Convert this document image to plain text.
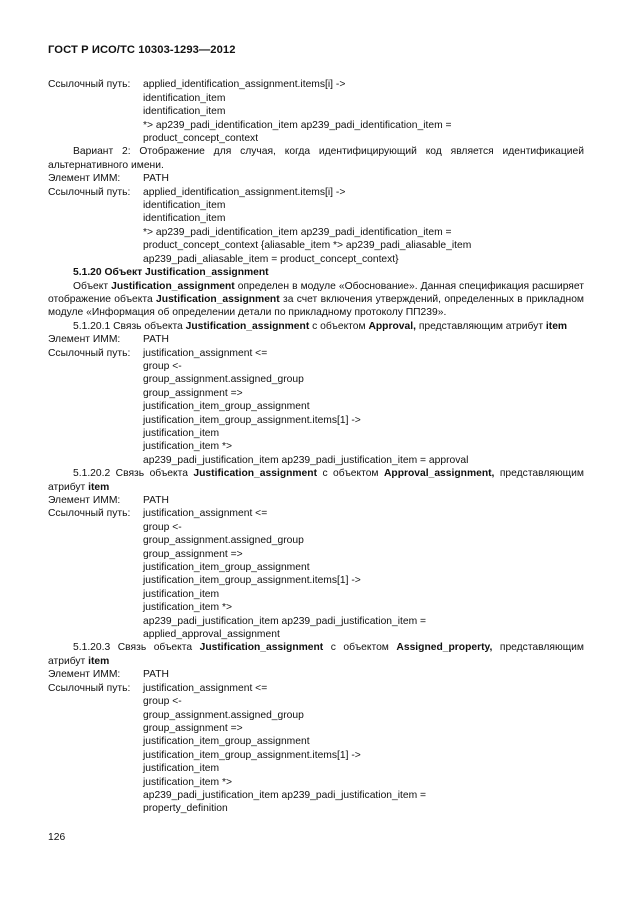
ГОСТ Р ИСО/ТС 10303-1293—2012
Ссылочный путь:	applied_identification_assignment.items[i] ->
identification_item
identification_item
*> ap239_padi_identification_item ap239_padi_identification_item =
product_concept_context
Вариант 2: Отображение для случая, когда идентифицирующий код является идентификацией альтернативного имени.
Элемент ИММ:	PATH
Ссылочный путь:	applied_identification_assignment.items[i] ->
identification_item
identification_item
*> ap239_padi_identification_item ap239_padi_identification_item =
product_concept_context {aliasable_item *> ap239_padi_aliasable_item
ap239_padi_aliasable_item = product_concept_context}
5.1.20 Объект Justification_assignment
Объект Justification_assignment определен в модуле «Обоснование». Данная спецификация расширяет отображение объекта Justification_assignment за счет включения утверждений, определенных в прикладном модуле «Информация об определении детали по прикладному протоколу ПП239».
5.1.20.1 Связь объекта Justification_assignment с объектом Approval, представляющим атрибут item
Элемент ИММ:	PATH
Ссылочный путь:	justification_assignment <=
group <-
group_assignment.assigned_group
group_assignment =>
justification_item_group_assignment
justification_item_group_assignment.items[1] ->
justification_item
justification_item *>
ap239_padi_justification_item ap239_padi_justification_item = approval
5.1.20.2 Связь объекта Justification_assignment с объектом Approval_assignment, представляющим атрибут item
Элемент ИММ:	PATH
Ссылочный путь:	justification_assignment <=
group <-
group_assignment.assigned_group
group_assignment =>
justification_item_group_assignment
justification_item_group_assignment.items[1] ->
justification_item
justification_item *>
ap239_padi_justification_item ap239_padi_justification_item =
applied_approval_assignment
5.1.20.3 Связь объекта Justification_assignment с объектом Assigned_property, представляющим атрибут item
Элемент ИММ:	PATH
Ссылочный путь:	justification_assignment <=
group <-
group_assignment.assigned_group
group_assignment =>
justification_item_group_assignment
justification_item_group_assignment.items[1] ->
justification_item
justification_item *>
ap239_padi_justification_item ap239_padi_justification_item =
property_definition
126
